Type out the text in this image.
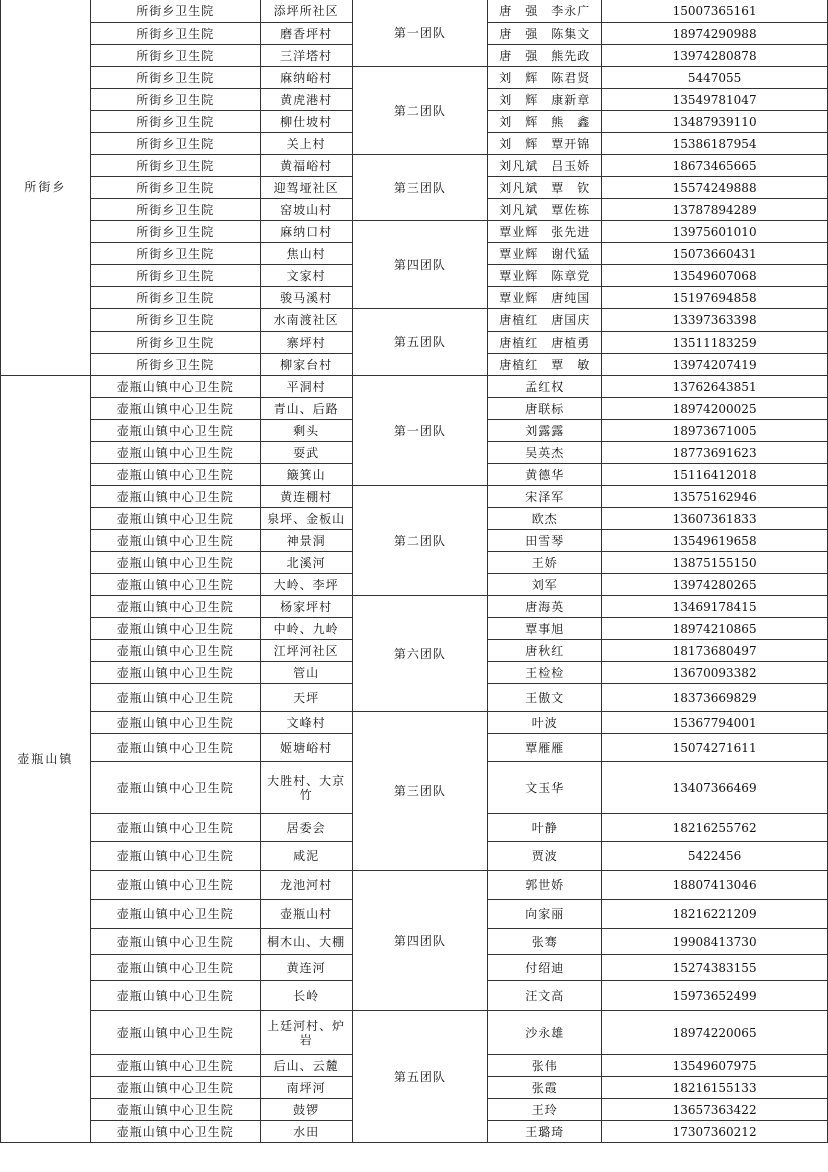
所街乡	所街乡卫生院	添坪所社区	第一团队	唐　强　李永广	15007365161
	所街乡卫生院	磨香坪村		唐　强　陈集文	18974290988
	所街乡卫生院	三洋塔村		唐　强　熊先政	13974280878
	所街乡卫生院	麻纳峪村	第二团队	刘　辉　陈君贤	5447055
	所街乡卫生院	黄虎港村		刘　辉　康新章	13549781047
	所街乡卫生院	柳仕坡村		刘　辉　熊　鑫	13487939110
	所街乡卫生院	关上村		刘　辉　覃开锦	15386187954
	所街乡卫生院	黄福峪村	第三团队	刘凡斌　吕玉娇	18673465665
	所街乡卫生院	迎驾垭社区		刘凡斌　覃　钦	15574249888
	所街乡卫生院	窑坡山村		刘凡斌　覃佐栋	13787894289
	所街乡卫生院	麻纳口村	第四团队	覃业辉　张先进	13975601010
	所街乡卫生院	焦山村		覃业辉　谢代猛	15073660431
	所街乡卫生院	文家村		覃业辉　陈章党	13549607068
	所街乡卫生院	骏马溪村		覃业辉　唐纯国	15197694858
	所街乡卫生院	水南渡社区	第五团队	唐植红　唐国庆	13397363398
	所街乡卫生院	寨坪村		唐植红　唐植勇	13511183259
	所街乡卫生院	柳家台村		唐植红　覃　敏	13974207419
壶瓶山镇	壶瓶山镇中心卫生院	平洞村	第一团队	孟红权	13762643851
	壶瓶山镇中心卫生院	青山、后路		唐联标	18974200025
	壶瓶山镇中心卫生院	剩头		刘露露	18973671005
	壶瓶山镇中心卫生院	耍武		吴英杰	18773691623
	壶瓶山镇中心卫生院	簸箕山		黄德华	15116412018
	壶瓶山镇中心卫生院	黄连棚村	第二团队	宋泽军	13575162946
	壶瓶山镇中心卫生院	泉坪、金板山		欧杰	13607361833
	壶瓶山镇中心卫生院	神景洞		田雪琴	13549619658
	壶瓶山镇中心卫生院	北溪河		王娇	13875155150
	壶瓶山镇中心卫生院	大岭、李坪		刘军	13974280265
	壶瓶山镇中心卫生院	杨家坪村	第六团队	唐海英	13469178415
	壶瓶山镇中心卫生院	中岭、九岭		覃事旭	18974210865
	壶瓶山镇中心卫生院	江坪河社区		唐秋红	18173680497
	壶瓶山镇中心卫生院	管山		王检检	13670093382
	壶瓶山镇中心卫生院	天坪		王傲文	18373669829
	壶瓶山镇中心卫生院	文峰村	第三团队	叶波	15367794001
	壶瓶山镇中心卫生院	姬塘峪村		覃雁雁	15074271611
	壶瓶山镇中心卫生院	大胜村、大京竹		文玉华	13407366469
	壶瓶山镇中心卫生院	居委会		叶静	18216255762
	壶瓶山镇中心卫生院	咸泥		贾波	5422456
	壶瓶山镇中心卫生院	龙池河村	第四团队	郭世娇	18807413046
	壶瓶山镇中心卫生院	壶瓶山村		向家丽	18216221209
	壶瓶山镇中心卫生院	桐木山、大棚		张骞	19908413730
	壶瓶山镇中心卫生院	黄连河		付绍迪	15274383155
	壶瓶山镇中心卫生院	长岭		汪文高	15973652499
	壶瓶山镇中心卫生院	上廷河村、炉岩	第五团队	沙永雄	18974220065
	壶瓶山镇中心卫生院	后山、云麓		张伟	13549607975
	壶瓶山镇中心卫生院	南坪河		张霞	18216155133
	壶瓶山镇中心卫生院	鼓锣		王玲	13657363422
	壶瓶山镇中心卫生院	水田		王璐琦	17307360212
